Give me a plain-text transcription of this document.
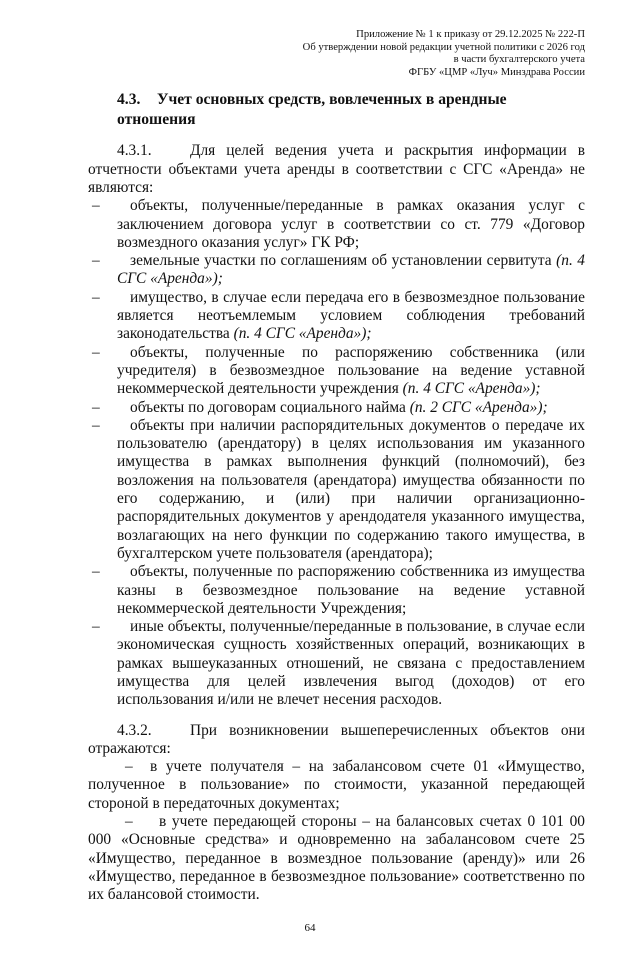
Приложение № 1 к приказу от 29.12.2025 № 222-П
Об утверждении новой редакции учетной политики с 2026 год
в части бухгалтерского учета
ФГБУ «ЦМР «Луч» Минздрава России
4.3. Учет основных средств, вовлеченных в арендные отношения

4.3.1. Для целей ведения учета и раскрытия информации в отчетности объектами учета аренды в соответствии с СГС «Аренда» не являются:

– объекты, полученные/переданные в рамках оказания услуг с заключением договора услуг в соответствии со ст. 779 «Договор возмездного оказания услуг» ГК РФ;

– земельные участки по соглашениям об установлении сервитута (п. 4 СГС «Аренда»);

– имущество, в случае если передача его в безвозмездное пользование является неотъемлемым условием соблюдения требований законодательства (п. 4 СГС «Аренда»);

– объекты, полученные по распоряжению собственника (или учредителя) в безвозмездное пользование на ведение уставной некоммерческой деятельности учреждения (п. 4 СГС «Аренда»);

– объекты по договорам социального найма (п. 2 СГС «Аренда»);

– объекты при наличии распорядительных документов о передаче их пользователю (арендатору) в целях использования им указанного имущества в рамках выполнения функций (полномочий), без возложения на пользователя (арендатора) имущества обязанности по его содержанию, и (или) при наличии организационно-распорядительных документов у арендодателя указанного имущества, возлагающих на него функции по содержанию такого имущества, в бухгалтерском учете пользователя (арендатора);

– объекты, полученные по распоряжению собственника из имущества казны в безвозмездное пользование на ведение уставной некоммерческой деятельности Учреждения;

– иные объекты, полученные/переданные в пользование, в случае если экономическая сущность хозяйственных операций, возникающих в рамках вышеуказанных отношений, не связана с предоставлением имущества для целей извлечения выгод (доходов) от его использования и/или не влечет несения расходов.

4.3.2. При возникновении вышеперечисленных объектов они отражаются:

– в учете получателя – на забалансовом счете 01 «Имущество, полученное в пользование» по стоимости, указанной передающей стороной в передаточных документах;

– в учете передающей стороны – на балансовых счетах 0 101 00 000 «Основные средства» и одновременно на забалансовом счете 25 «Имущество, переданное в возмездное пользование (аренду)» или 26 «Имущество, переданное в безвозмездное пользование» соответственно по их балансовой стоимости.

64
